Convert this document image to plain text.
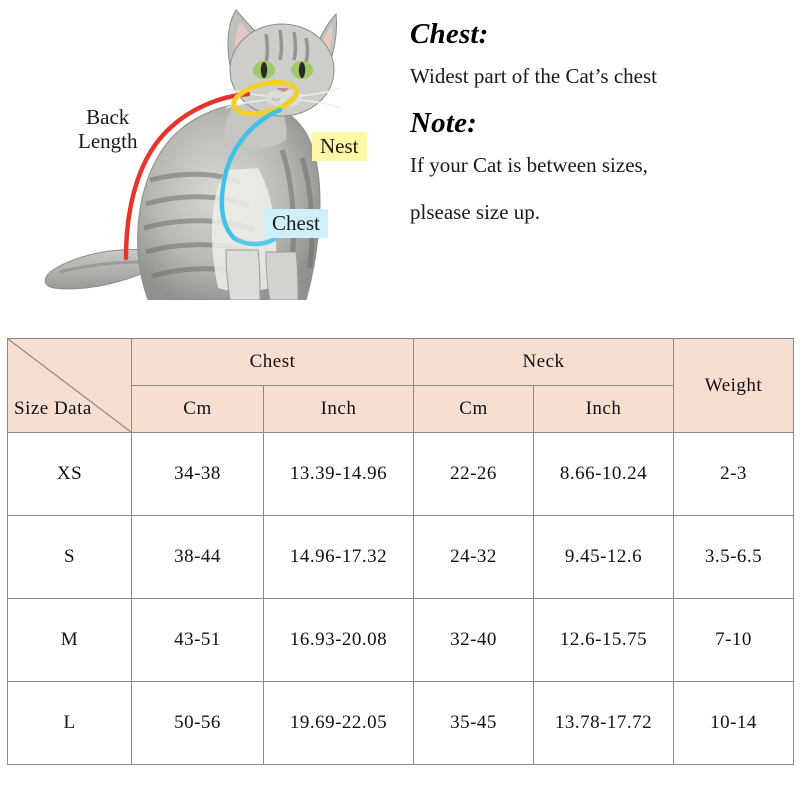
Back
Length	Nest
Chest
Chest:
Widest part of the Cat’s chest
Note:
If your Cat is between sizes,
plsease size up.
Size Data	Chest		Neck		Weight
	Cm	Inch	Cm	Inch	
XS	34-38	13.39-14.96	22-26	8.66-10.24	2-3
S	38-44	14.96-17.32	24-32	9.45-12.6	3.5-6.5
M	43-51	16.93-20.08	32-40	12.6-15.75	7-10
L	50-56	19.69-22.05	35-45	13.78-17.72	10-14
